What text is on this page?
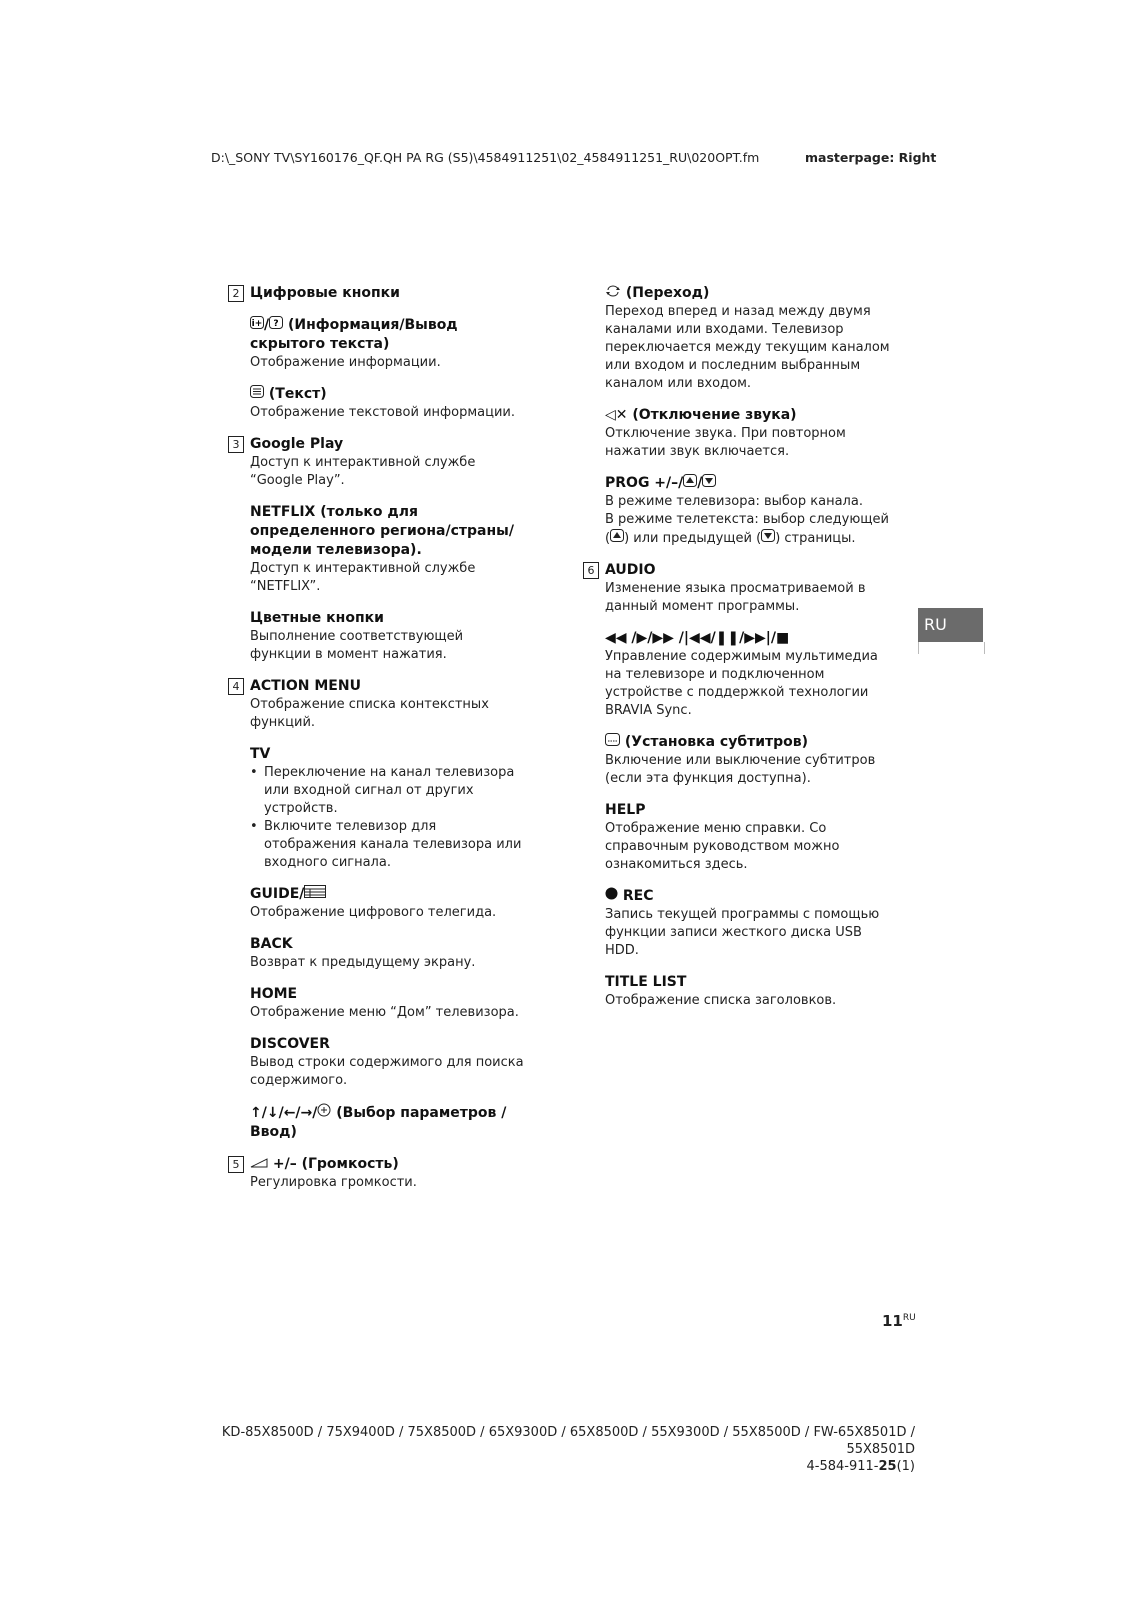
D:\_SONY TV\SY160176_QF.QH PA RG (S5)\4584911251\02_4584911251_RU\020OPT.fm	masterpage: Right
2 Цифровые кнопки
i+ / ? (Информация/Вывод скрытого текста)
Отображение информации.
(Текст)
Отображение текстовой информации.
3 Google Play
Доступ к интерактивной службе “Google Play”.
NETFLIX (только для определенного региона/страны/модели телевизора).
Доступ к интерактивной службе “NETFLIX”.
Цветные кнопки
Выполнение соответствующей функции в момент нажатия.
4 ACTION MENU
Отображение списка контекстных функций.
TV
• Переключение на канал телевизора или входной сигнал от других устройств.
• Включите телевизор для отображения канала телевизора или входного сигнала.
GUIDE/
Отображение цифрового телегида.
BACK
Возврат к предыдущему экрану.
HOME
Отображение меню “Дом” телевизора.
DISCOVER
Вывод строки содержимого для поиска содержимого.
↑/↓/←/→/ (Выбор параметров / Ввод)
5	+/– (Громкость)
Регулировка громкости.
(Переход)
Переход вперед и назад между двумя каналами или входами. Телевизор переключается между текущим каналом или входом и последним выбранным каналом или входом.
◁✕ (Отключение звука)
Отключение звука. При повторном нажатии звук включается.
PROG +/–/ /
В режиме телевизора: выбор канала.
В режиме телетекста: выбор следующей
( ) или предыдущей ( ) страницы.
6 AUDIO
Изменение языка просматриваемой в данный момент программы.
◀◀ /▶/▶▶ /|◀◀/❚❚/▶▶|/■
Управление содержимым мультимедиа на телевизоре и подключенном устройстве с поддержкой технологии BRAVIA Sync.
(Установка субтитров)
Включение или выключение субтитров (если эта функция доступна).
HELP
Отображение меню справки. Со справочным руководством можно ознакомиться здесь.
REC
Запись текущей программы с помощью функции записи жесткого диска USB HDD.
TITLE LIST
Отображение списка заголовков.
RU
$11^{RU}$
KD-85X8500D / 75X9400D / 75X8500D / 65X9300D / 65X8500D / 55X9300D / 55X8500D / FW-65X8501D /
55X8501D
4-584-911-25(1)
